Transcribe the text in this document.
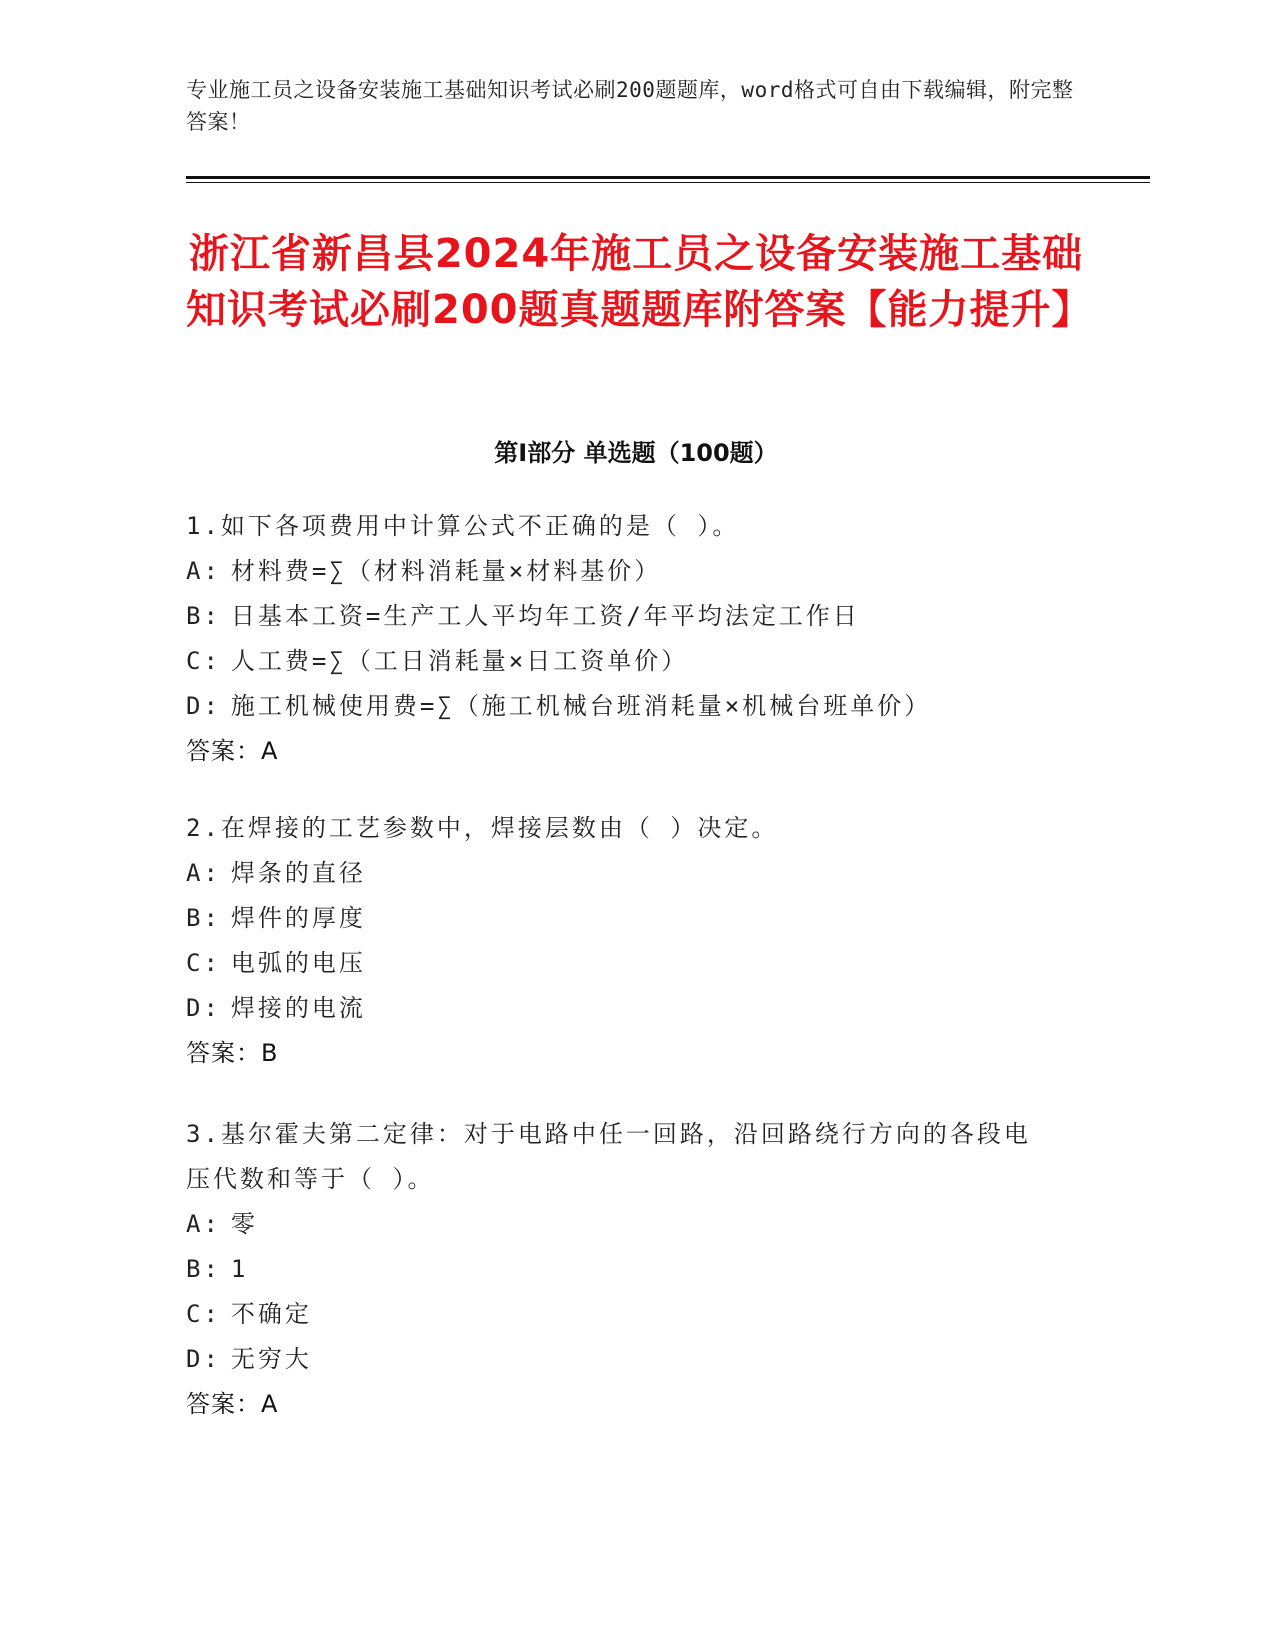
专业施工员之设备安装施工基础知识考试必刷200题题库，word格式可自由下载编辑，附完整答案！
浙江省新昌县2024年施工员之设备安装施工基础知识考试必刷200题真题题库附答案【能力提升】
第I部分 单选题（100题）
1.如下各项费用中计算公式不正确的是（ ）。
A: 材料费=∑（材料消耗量×材料基价）
B: 日基本工资=生产工人平均年工资/年平均法定工作日
C: 人工费=∑（工日消耗量×日工资单价）
D: 施工机械使用费=∑（施工机械台班消耗量×机械台班单价）
答案：A
2.在焊接的工艺参数中，焊接层数由（ ）决定。
A: 焊条的直径
B: 焊件的厚度
C: 电弧的电压
D: 焊接的电流
答案：B
3.基尔霍夫第二定律：对于电路中任一回路，沿回路绕行方向的各段电压代数和等于（ ）。
A: 零
B: 1
C: 不确定
D: 无穷大
答案：A
